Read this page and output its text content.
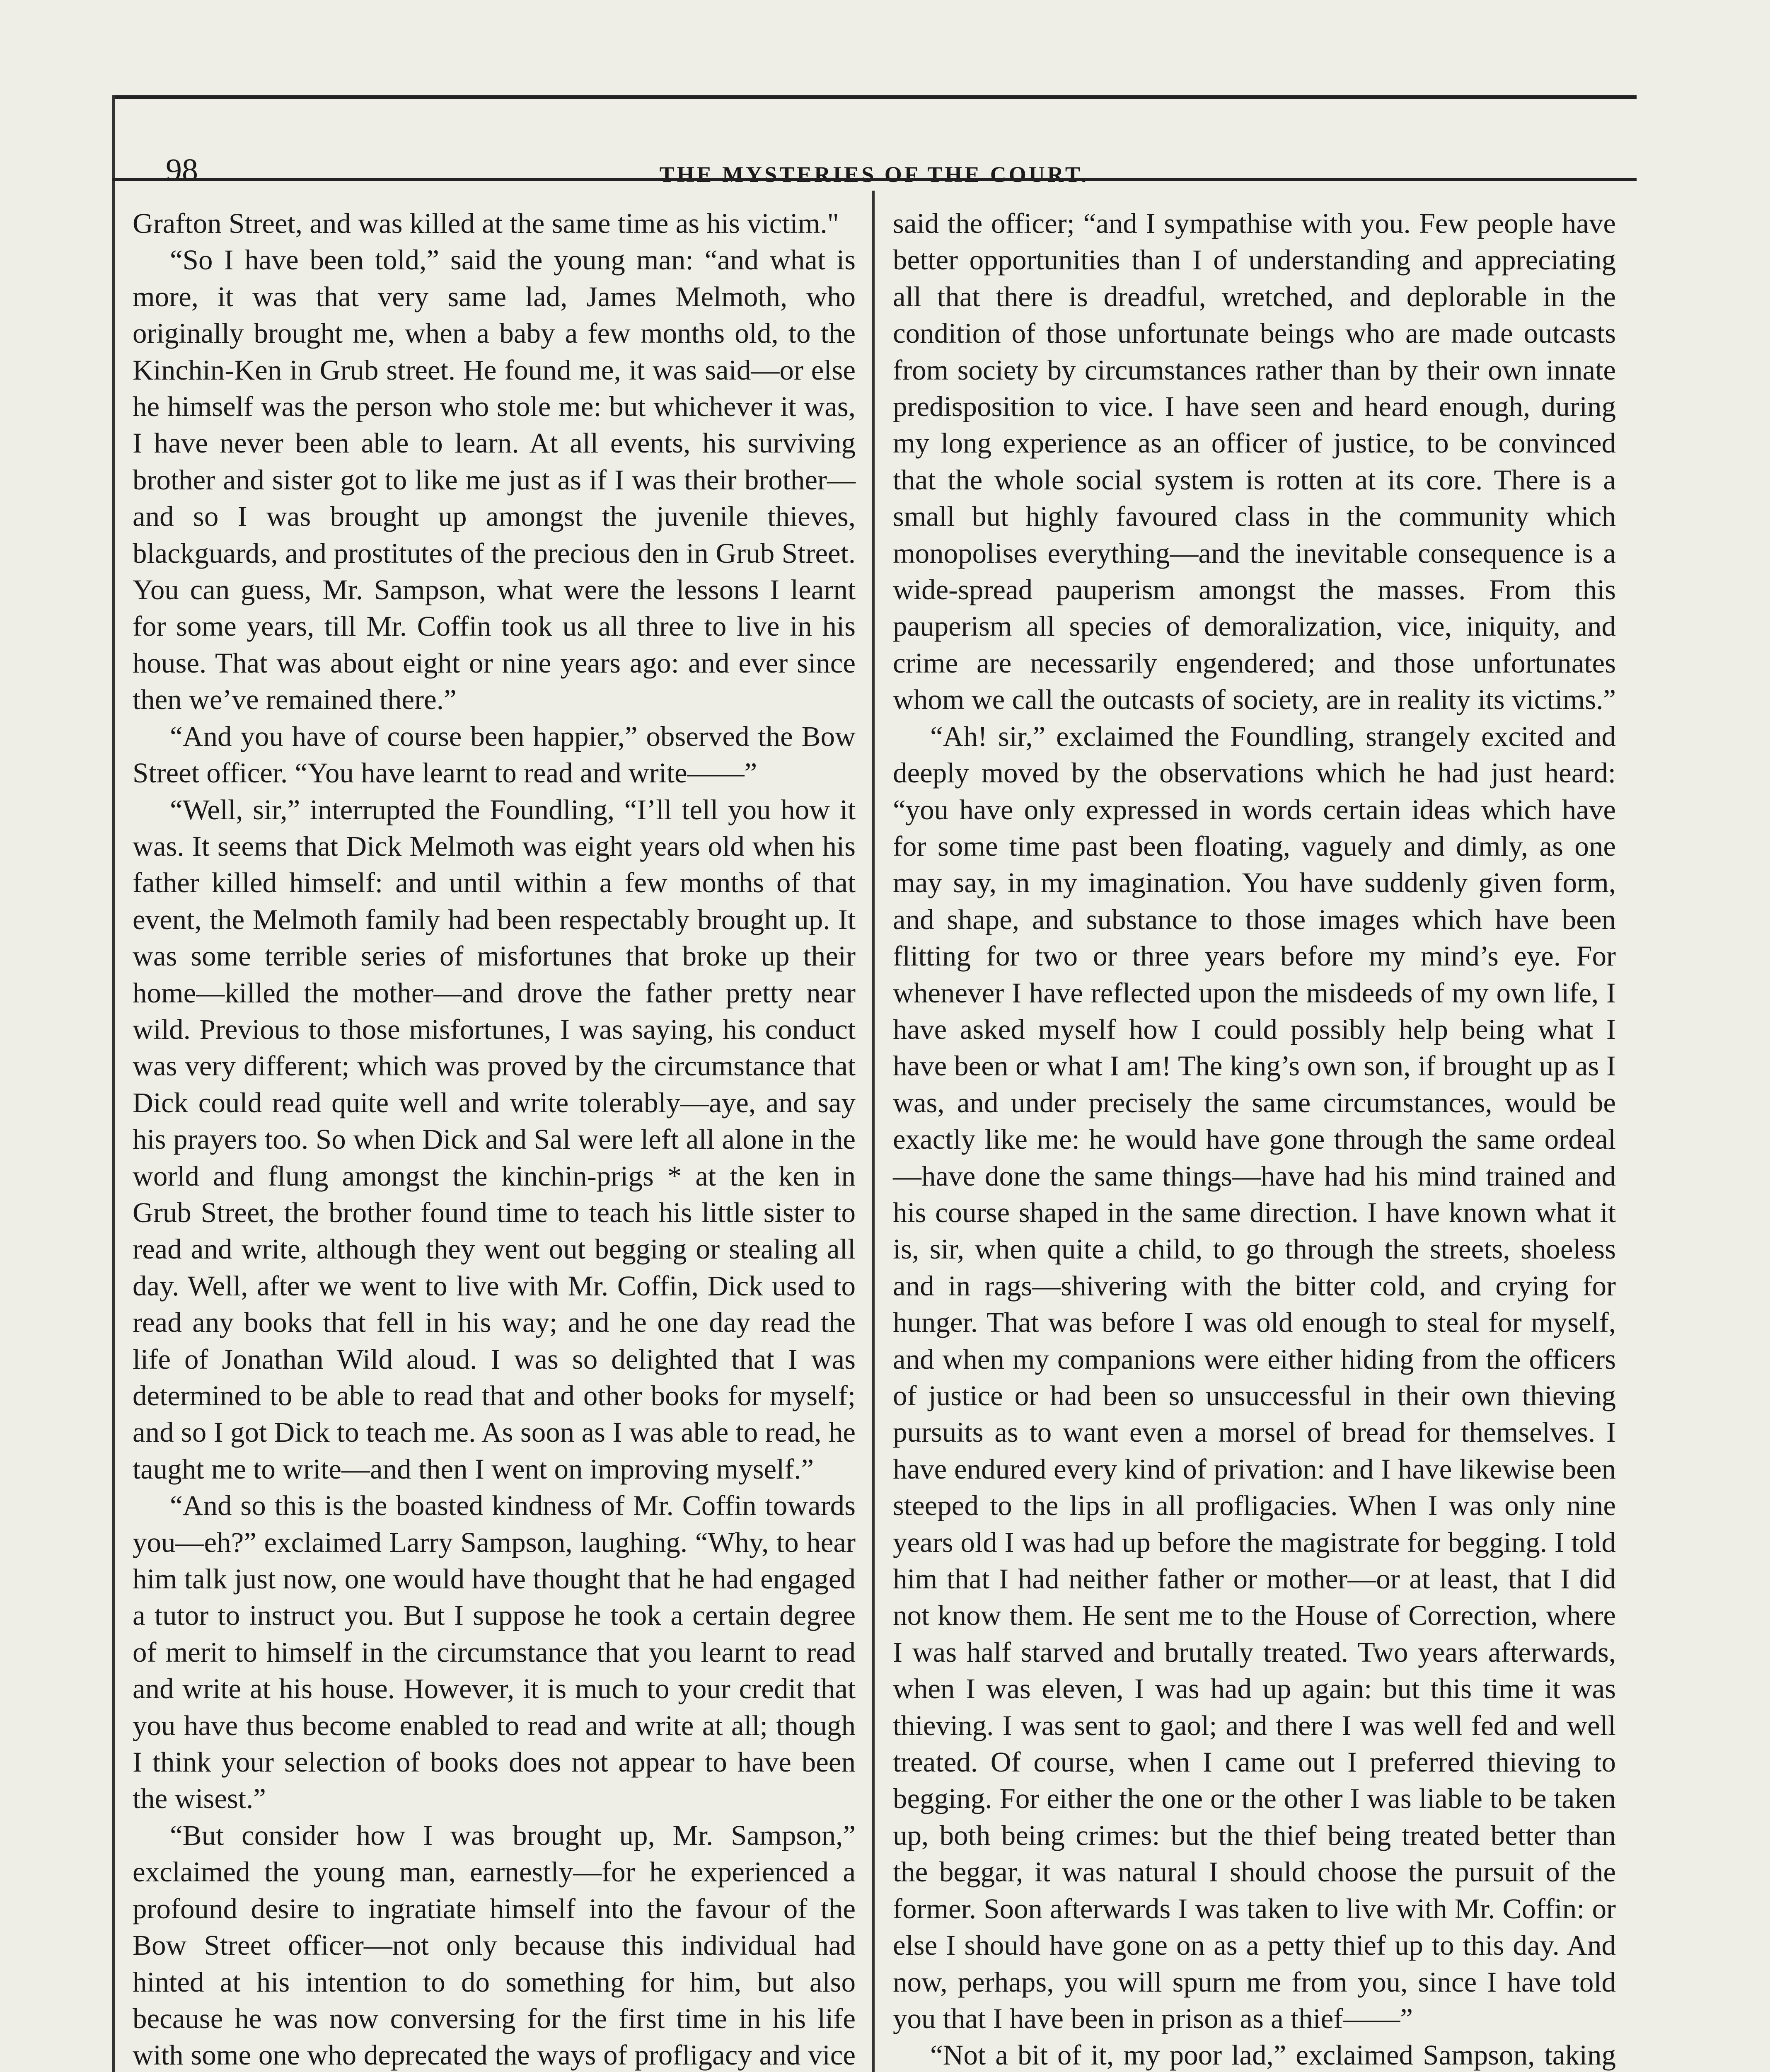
98	THE MYSTERIES OF THE COURT.

Grafton Street, and was killed at the same time as his victim."

“So I have been told,” said the young man: “and what is more, it was that very same lad, James Melmoth, who originally brought me, when a baby a few months old, to the Kinchin-Ken in Grub street. He found me, it was said—or else he himself was the person who stole me: but whichever it was, I have never been able to learn. At all events, his surviving brother and sister got to like me just as if I was their brother—and so I was brought up amongst the juvenile thieves, blackguards, and prostitutes of the precious den in Grub Street. You can guess, Mr. Sampson, what were the lessons I learnt for some years, till Mr. Coffin took us all three to live in his house. That was about eight or nine years ago: and ever since then we’ve remained there.”

“And you have of course been happier,” observed the Bow Street officer. “You have learnt to read and write——”

“Well, sir,” interrupted the Foundling, “I’ll tell you how it was. It seems that Dick Melmoth was eight years old when his father killed himself: and until within a few months of that event, the Melmoth family had been respectably brought up. It was some terrible series of misfortunes that broke up their home—killed the mother—and drove the father pretty near wild. Previous to those misfortunes, I was saying, his conduct was very different; which was proved by the circumstance that Dick could read quite well and write tolerably—aye, and say his prayers too. So when Dick and Sal were left all alone in the world and flung amongst the kinchin-prigs * at the ken in Grub Street, the brother found time to teach his little sister to read and write, although they went out begging or stealing all day. Well, after we went to live with Mr. Coffin, Dick used to read any books that fell in his way; and he one day read the life of Jonathan Wild aloud. I was so delighted that I was determined to be able to read that and other books for myself; and so I got Dick to teach me. As soon as I was able to read, he taught me to write—and then I went on improving myself.”

“And so this is the boasted kindness of Mr. Coffin towards you—eh?” exclaimed Larry Sampson, laughing. “Why, to hear him talk just now, one would have thought that he had engaged a tutor to instruct you. But I suppose he took a certain degree of merit to himself in the circumstance that you learnt to read and write at his house. However, it is much to your credit that you have thus become enabled to read and write at all; though I think your selection of books does not appear to have been the wisest.”

“But consider how I was brought up, Mr. Sampson,” exclaimed the young man, earnestly—for he experienced a profound desire to ingratiate himself into the favour of the Bow Street officer—not only because this individual had hinted at his intention to do something for him, but also because he was now conversing for the first time in his life with some one who deprecated the ways of profligacy and vice

said the officer; “and I sympathise with you. Few people have better opportunities than I of understanding and appreciating all that there is dreadful, wretched, and deplorable in the condition of those unfortunate beings who are made outcasts from society by circumstances rather than by their own innate predisposition to vice. I have seen and heard enough, during my long experience as an officer of justice, to be convinced that the whole social system is rotten at its core. There is a small but highly favoured class in the community which monopolises everything—and the inevitable consequence is a wide-spread pauperism amongst the masses. From this pauperism all species of demoralization, vice, iniquity, and crime are necessarily engendered; and those unfortunates whom we call the outcasts of society, are in reality its victims.”

“Ah! sir,” exclaimed the Foundling, strangely excited and deeply moved by the observations which he had just heard: “you have only expressed in words certain ideas which have for some time past been floating, vaguely and dimly, as one may say, in my imagination. You have suddenly given form, and shape, and substance to those images which have been flitting for two or three years before my mind’s eye. For whenever I have reflected upon the misdeeds of my own life, I have asked myself how I could possibly help being what I have been or what I am! The king’s own son, if brought up as I was, and under precisely the same circumstances, would be exactly like me: he would have gone through the same ordeal—have done the same things—have had his mind trained and his course shaped in the same direction. I have known what it is, sir, when quite a child, to go through the streets, shoeless and in rags—shivering with the bitter cold, and crying for hunger. That was before I was old enough to steal for myself, and when my companions were either hiding from the officers of justice or had been so unsuccessful in their own thieving pursuits as to want even a morsel of bread for themselves. I have endured every kind of privation: and I have likewise been steeped to the lips in all profligacies. When I was only nine years old I was had up before the magistrate for begging. I told him that I had neither father or mother—or at least, that I did not know them. He sent me to the House of Correction, where I was half starved and brutally treated. Two years afterwards, when I was eleven, I was had up again: but this time it was thieving. I was sent to gaol; and there I was well fed and well treated. Of course, when I came out I preferred thieving to begging. For either the one or the other I was liable to be taken up, both being crimes: but the thief being treated better than the beggar, it was natural I should choose the pursuit of the former. Soon afterwards I was taken to live with Mr. Coffin: or else I should have gone on as a petty thief up to this day. And now, perhaps, you will spurn me from you, since I have told you that I have been in prison as a thief——”

“Not a bit of it, my poor lad,” exclaimed Sampson, taking
